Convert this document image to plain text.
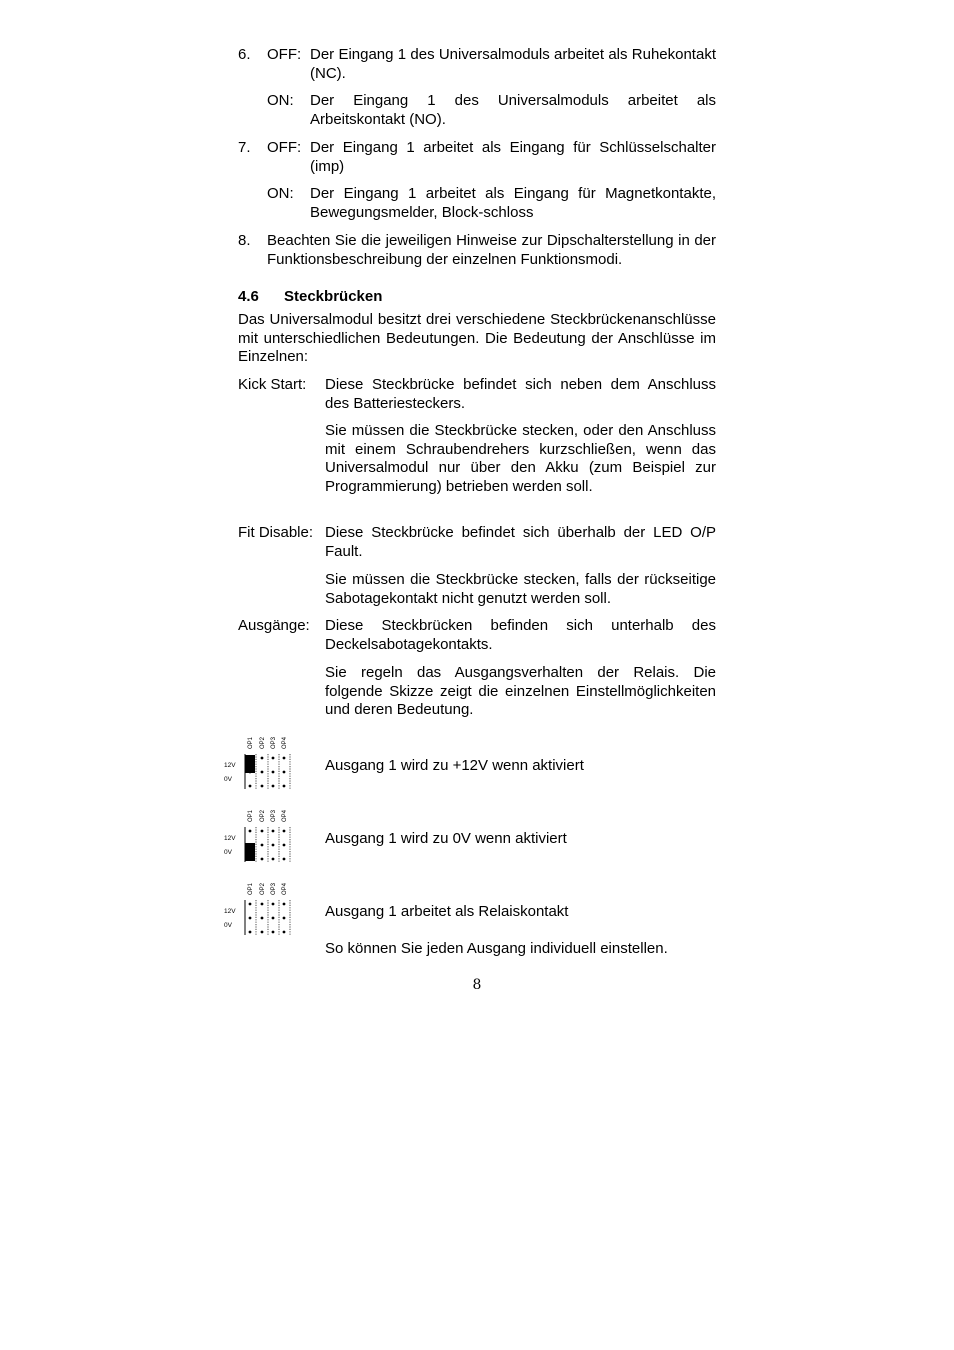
6. OFF: Der Eingang 1 des Universalmoduls arbeitet als Ruhekontakt (NC).
ON: Der Eingang 1 des Universalmoduls arbeitet als Arbeitskontakt (NO).
7. OFF: Der Eingang 1 arbeitet als Eingang für Schlüsselschalter (imp)
ON: Der Eingang 1 arbeitet als Eingang für Magnetkontakte, Bewegungsmelder, Block-schloss
8. Beachten Sie die jeweiligen Hinweise zur Dipschalterstellung in der Funktionsbeschreibung der einzelnen Funktionsmodi.
4.6 Steckbrücken
Das Universalmodul besitzt drei verschiedene Steckbrückenanschlüsse mit unterschiedlichen Bedeutungen. Die Bedeutung der Anschlüsse im Einzelnen:
Kick Start: Diese Steckbrücke befindet sich neben dem Anschluss des Batteriesteckers.
Sie müssen die Steckbrücke stecken, oder den Anschluss mit einem Schraubendrehers kurzschließen, wenn das Universalmodul nur über den Akku (zum Beispiel zur Programmierung) betrieben werden soll.
Fit Disable: Diese Steckbrücke befindet sich überhalb der LED O/P Fault.
Sie müssen die Steckbrücke stecken, falls der rückseitige Sabotagekontakt nicht genutzt werden soll.
Ausgänge: Diese Steckbrücken befinden sich unterhalb des Deckelsabotagekontakts.
Sie regeln das Ausgangsverhalten der Relais. Die folgende Skizze zeigt die einzelnen Einstellmöglichkeiten und deren Bedeutung.
OP1 OP2 OP3 OP4
12V
0V
Ausgang 1 wird zu +12V wenn aktiviert
OP1 OP2 OP3 OP4
12V
0V
Ausgang 1 wird zu 0V wenn aktiviert
OP1 OP2 OP3 OP4
12V
0V
Ausgang 1 arbeitet als Relaiskontakt
So können Sie jeden Ausgang individuell einstellen.
8
